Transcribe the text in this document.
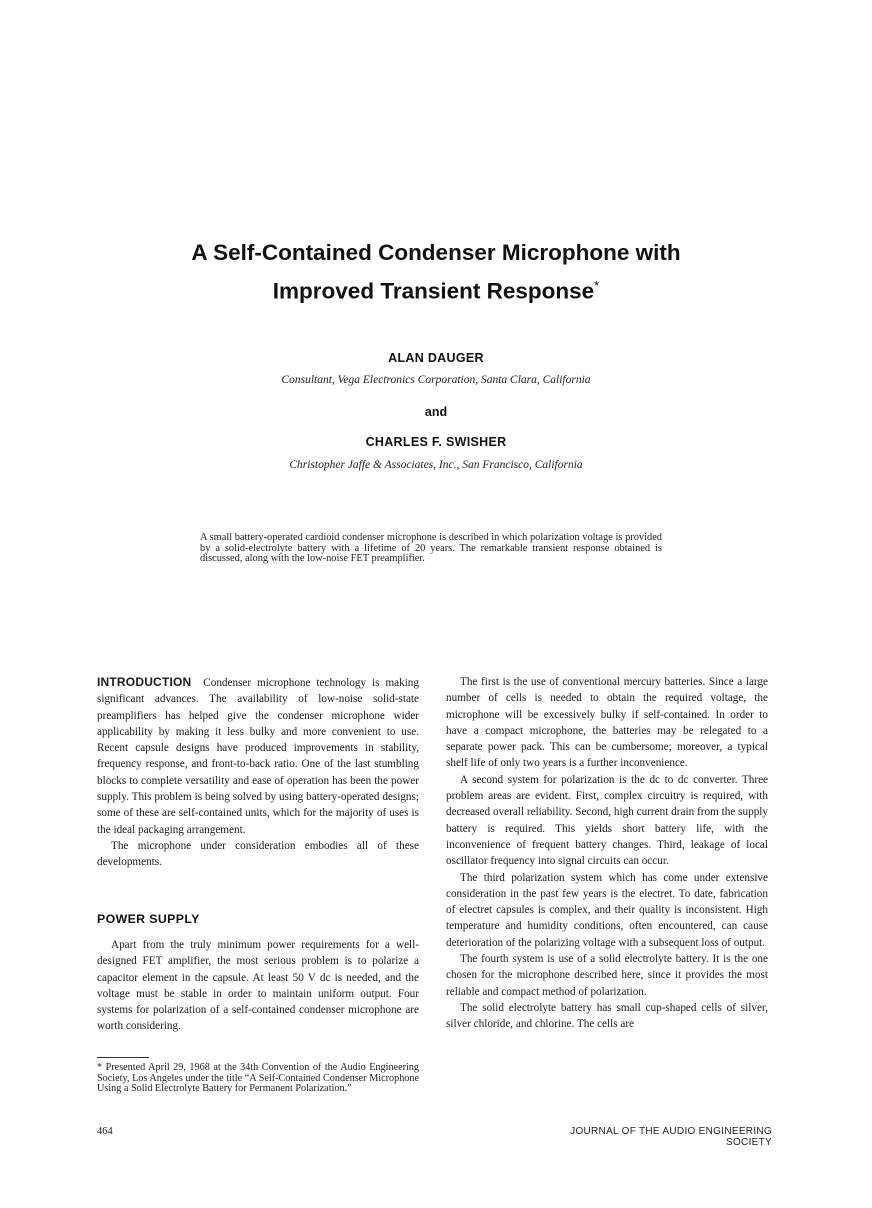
A Self-Contained Condenser Microphone with
Improved Transient Response*
ALAN DAUGER
Consultant, Vega Electronics Corporation, Santa Clara, California
and
CHARLES F. SWISHER
Christopher Jaffe & Associates, Inc., San Francisco, California
A small battery-operated cardioid condenser microphone is described in which polarization voltage is provided by a solid-electrolyte battery with a lifetime of 20 years. The remarkable transient response obtained is discussed, along with the low-noise FET preamplifier.

INTRODUCTION Condenser microphone technology is making significant advances. The availability of low-noise solid-state preamplifiers has helped give the condenser microphone wider applicability by making it less bulky and more convenient to use. Recent capsule designs have produced improvements in stability, frequency response, and front-to-back ratio. One of the last stumbling blocks to complete versatility and ease of operation has been the power supply. This problem is being solved by using battery-operated designs; some of these are self-contained units, which for the majority of uses is the ideal packaging arrangement.

The microphone under consideration embodies all of these developments.

POWER SUPPLY

Apart from the truly minimum power requirements for a well-designed FET amplifier, the most serious problem is to polarize a capacitor element in the capsule. At least 50 V dc is needed, and the voltage must be stable in order to maintain uniform output. Four systems for polarization of a self-contained condenser microphone are worth considering.

* Presented April 29, 1968 at the 34th Convention of the Audio Engineering Society, Los Angeles under the title “A Self-Contained Condenser Microphone Using a Solid Electrolyte Battery for Permanent Polarization.”

The first is the use of conventional mercury batteries. Since a large number of cells is needed to obtain the required voltage, the microphone will be excessively bulky if self-contained. In order to have a compact microphone, the batteries may be relegated to a separate power pack. This can be cumbersome; moreover, a typical shelf life of only two years is a further inconvenience.

A second system for polarization is the dc to dc converter. Three problem areas are evident. First, complex circuitry is required, with decreased overall reliability. Second, high current drain from the supply battery is required. This yields short battery life, with the inconvenience of frequent battery changes. Third, leakage of local oscillator frequency into signal circuits can occur.

The third polarization system which has come under extensive consideration in the past few years is the electret. To date, fabrication of electret capsules is complex, and their quality is inconsistent. High temperature and humidity conditions, often encountered, can cause deterioration of the polarizing voltage with a subsequent loss of output.

The fourth system is use of a solid electrolyte battery. It is the one chosen for the microphone described here, since it provides the most reliable and compact method of polarization.

The solid electrolyte battery has small cup-shaped cells of silver, silver chloride, and chlorine. The cells are

464	JOURNAL OF THE AUDIO ENGINEERING SOCIETY
